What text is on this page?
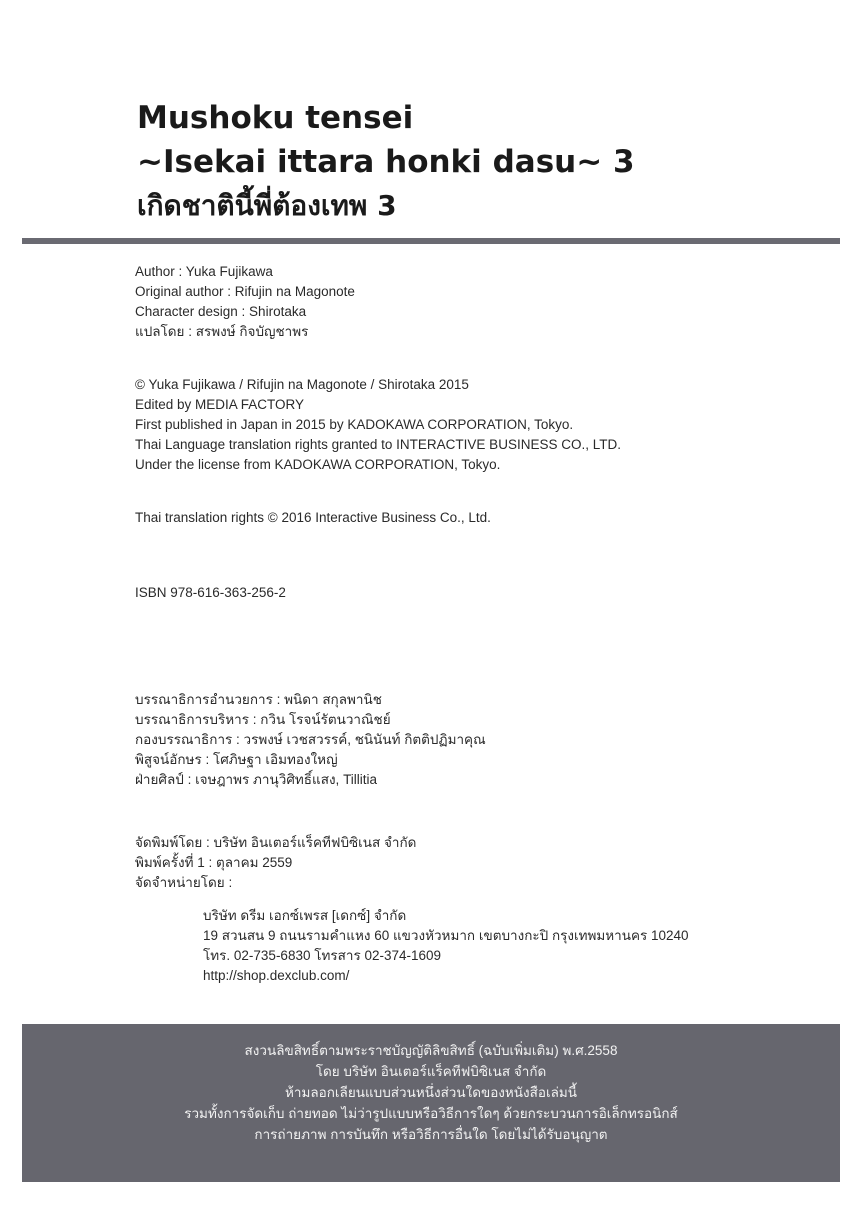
Mushoku tensei

~Isekai ittara honki dasu~ 3

เกิดชาตินี้พี่ต้องเทพ 3

Author : Yuka Fujikawa
Original author : Rifujin na Magonote
Character design : Shirotaka
แปลโดย : สรพงษ์ กิจบัญชาพร
© Yuka Fujikawa / Rifujin na Magonote / Shirotaka 2015
Edited by MEDIA FACTORY
First published in Japan in 2015 by KADOKAWA CORPORATION, Tokyo.
Thai Language translation rights granted to INTERACTIVE BUSINESS CO., LTD.
Under the license from KADOKAWA CORPORATION, Tokyo.
Thai translation rights © 2016 Interactive Business Co., Ltd.
ISBN 978-616-363-256-2
บรรณาธิการอำนวยการ : พนิดา สกุลพานิช
บรรณาธิการบริหาร : กวิน โรจน์รัตนวาณิชย์
กองบรรณาธิการ : วรพงษ์ เวชสวรรค์, ชนินันท์ กิตติปฏิมาคุณ
พิสูจน์อักษร : โศภิษฐา เอิมทองใหญ่
ฝ่ายศิลป์ : เจษฎาพร ภานุวิศิทธิ์แสง, Tillitia
จัดพิมพ์โดย : บริษัท อินเตอร์แร็คทีฟบิซิเนส จำกัด
พิมพ์ครั้งที่ 1 : ตุลาคม 2559
จัดจำหน่ายโดย :
บริษัท ดรีม เอกซ์เพรส [เดกซ์] จำกัด
19 สวนสน 9 ถนนรามคำแหง 60 แขวงหัวหมาก เขตบางกะปิ กรุงเทพมหานคร 10240
โทร. 02-735-6830 โทรสาร 02-374-1609
http://shop.dexclub.com/
สงวนลิขสิทธิ์ตามพระราชบัญญัติลิขสิทธิ์ (ฉบับเพิ่มเติม) พ.ศ.2558
โดย บริษัท อินเตอร์แร็คทีฟบิซิเนส จำกัด
ห้ามลอกเลียนแบบส่วนหนึ่งส่วนใดของหนังสือเล่มนี้
รวมทั้งการจัดเก็บ ถ่ายทอด ไม่ว่ารูปแบบหรือวิธีการใดๆ ด้วยกระบวนการอิเล็กทรอนิกส์
การถ่ายภาพ การบันทึก หรือวิธีการอื่นใด โดยไม่ได้รับอนุญาต
